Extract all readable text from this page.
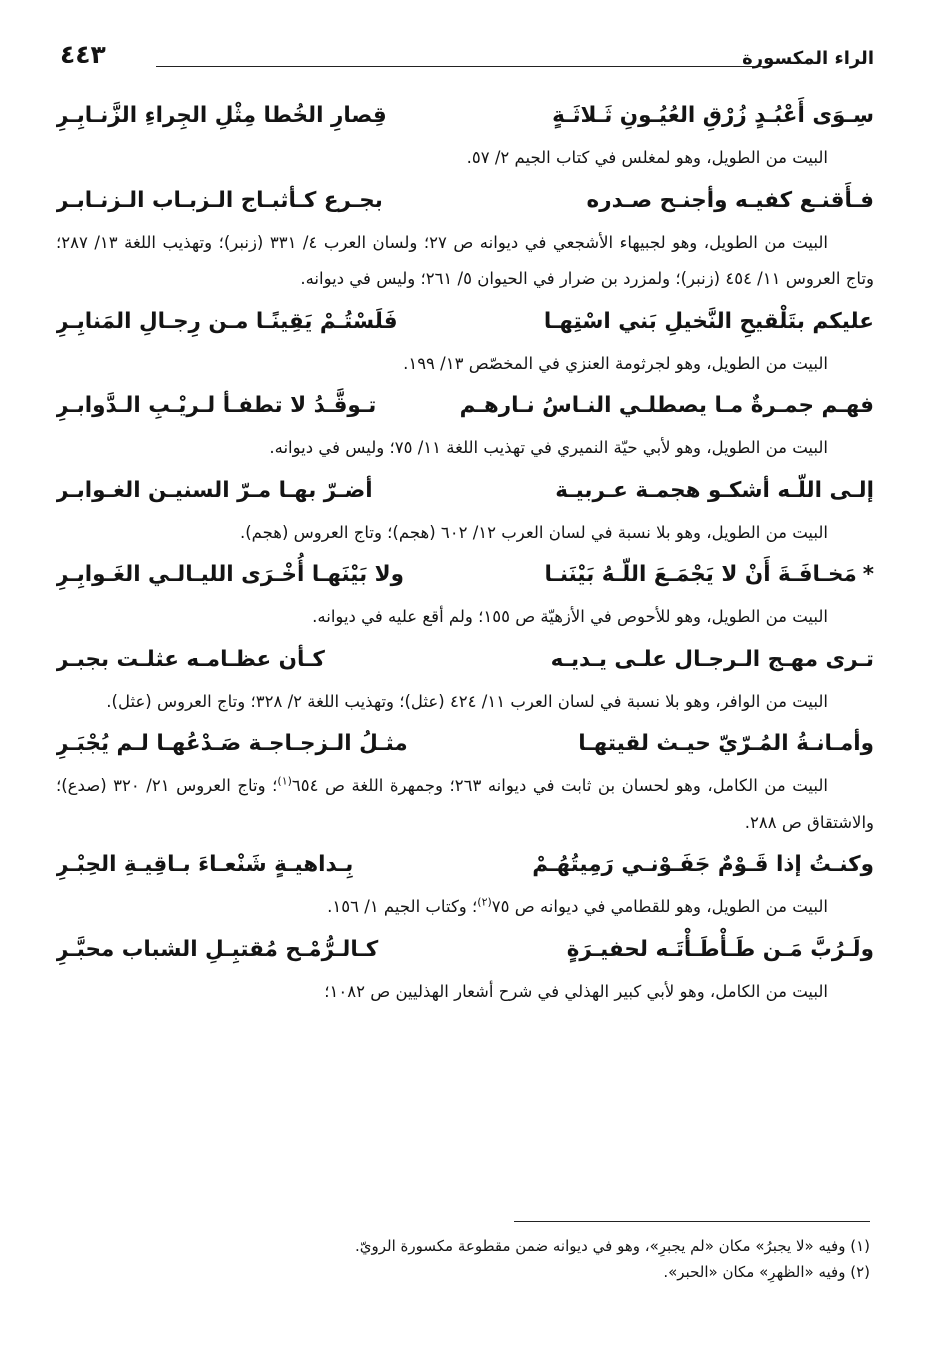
الراء المكسورة
٤٤٣
سِـوَى أَعْبُـدٍ زُرْقِ العُيُـونِ ثَـلاثَـةٍ
قِصارِ الخُطا مِثْلِ الجِراءِ الزَّنـابِـرِ
البيت من الطويل، وهو لمغلس في كتاب الجيم ٢/ ٥٧.
فـأَقنـع كفيـه وأجنـح صـدره
بجـرع كـأثبـاج الـزبـاب الـزنـابـر
البيت من الطويل، وهو لجبيهاء الأشجعي في ديوانه ص ٢٧؛ ولسان العرب ٤/ ٣٣١ (زنبر)؛ وتهذيب اللغة ١٣/ ٢٨٧؛ وتاج العروس ١١/ ٤٥٤ (زنبر)؛ ولمزرد بن ضرار في الحيوان ٥/ ٢٦١؛ وليس في ديوانه.
عليكم بتَلْقيحِ النَّخيلِ بَني اسْتِهـا
فَلَسْتُـمْ يَقِينًـا مـن رِجـالِ المَنابِـرِ
البيت من الطويل، وهو لجرثومة العنزي في المخصّص ١٣/ ١٩٩.
فهـم جمـرةٌ مـا يصطلـي النـاسُ نـارهـم
تـوقَّـدُ لا تطفـأ لـريْـبِ الـدَّوابـرِ
البيت من الطويل، وهو لأبي حيّة النميري في تهذيب اللغة ١١/ ٧٥؛ وليس في ديوانه.
إلـى اللّـه أشكـو هجمـة عـربيـة
أضـرّ بهـا مـرّ السنيـن الغـوابـر
البيت من الطويل، وهو بلا نسبة في لسان العرب ١٢/ ٦٠٢ (هجم)؛ وتاج العروس (هجم).
*مَخـافَـةَ أَنْ لا يَجْمَـعَ اللّـهُ بَيْنَنـا
ولا بَيْنَهـا أُخْـرَى الليـالـي الغَـوابِـرِ
البيت من الطويل، وهو للأحوص في الأزهيّة ص ١٥٥؛ ولم أقع عليه في ديوانه.
تـرى مهـج الـرجـال علـى يـديـه
كـأن عظـامـه عثلـت بجبـر
البيت من الوافر، وهو بلا نسبة في لسان العرب ١١/ ٤٢٤ (عثل)؛ وتهذيب اللغة ٢/ ٣٢٨؛ وتاج العروس (عثل).
وأمـانـةُ المُـرّيّ حيـث لقيتهـا
مثـلُ الـزجـاجـة صَـدْعُهـا لـم يُجْبَـرِ
البيت من الكامل، وهو لحسان بن ثابت في ديوانه ٢٦٣؛ وجمهرة اللغة ص ٦٥٤$^{(١)}$؛ وتاج العروس ٢١/ ٣٢٠ (صدع)؛ والاشتقاق ص ٢٨٨.
وكنـتُ إذا قَـوْمٌ جَفَـوْنـي رَمِيتُهُـمْ
بِـداهيـةٍ شَنْعـاءَ بـاقِيـةِ الحِبْـرِ
البيت من الطويل، وهو للقطامي في ديوانه ص ٧٥$^{(٢)}$؛ وكتاب الجيم ١/ ١٥٦.
ولَـرُبَّ مَـن طَـأْطَـأْتَـه لحفيـرَةٍ
كـالـرُّمْـح مُقتبِـلِ الشباب محبَّـرِ
البيت من الكامل، وهو لأبي كبير الهذلي في شرح أشعار الهذليين ص ١٠٨٢؛
(١) وفيه «لا يجبرُ» مكان «لم يجبرِ»، وهو في ديوانه ضمن مقطوعة مكسورة الرويّ.
(٢) وفيه «الظهرِ» مكان «الحبر».
